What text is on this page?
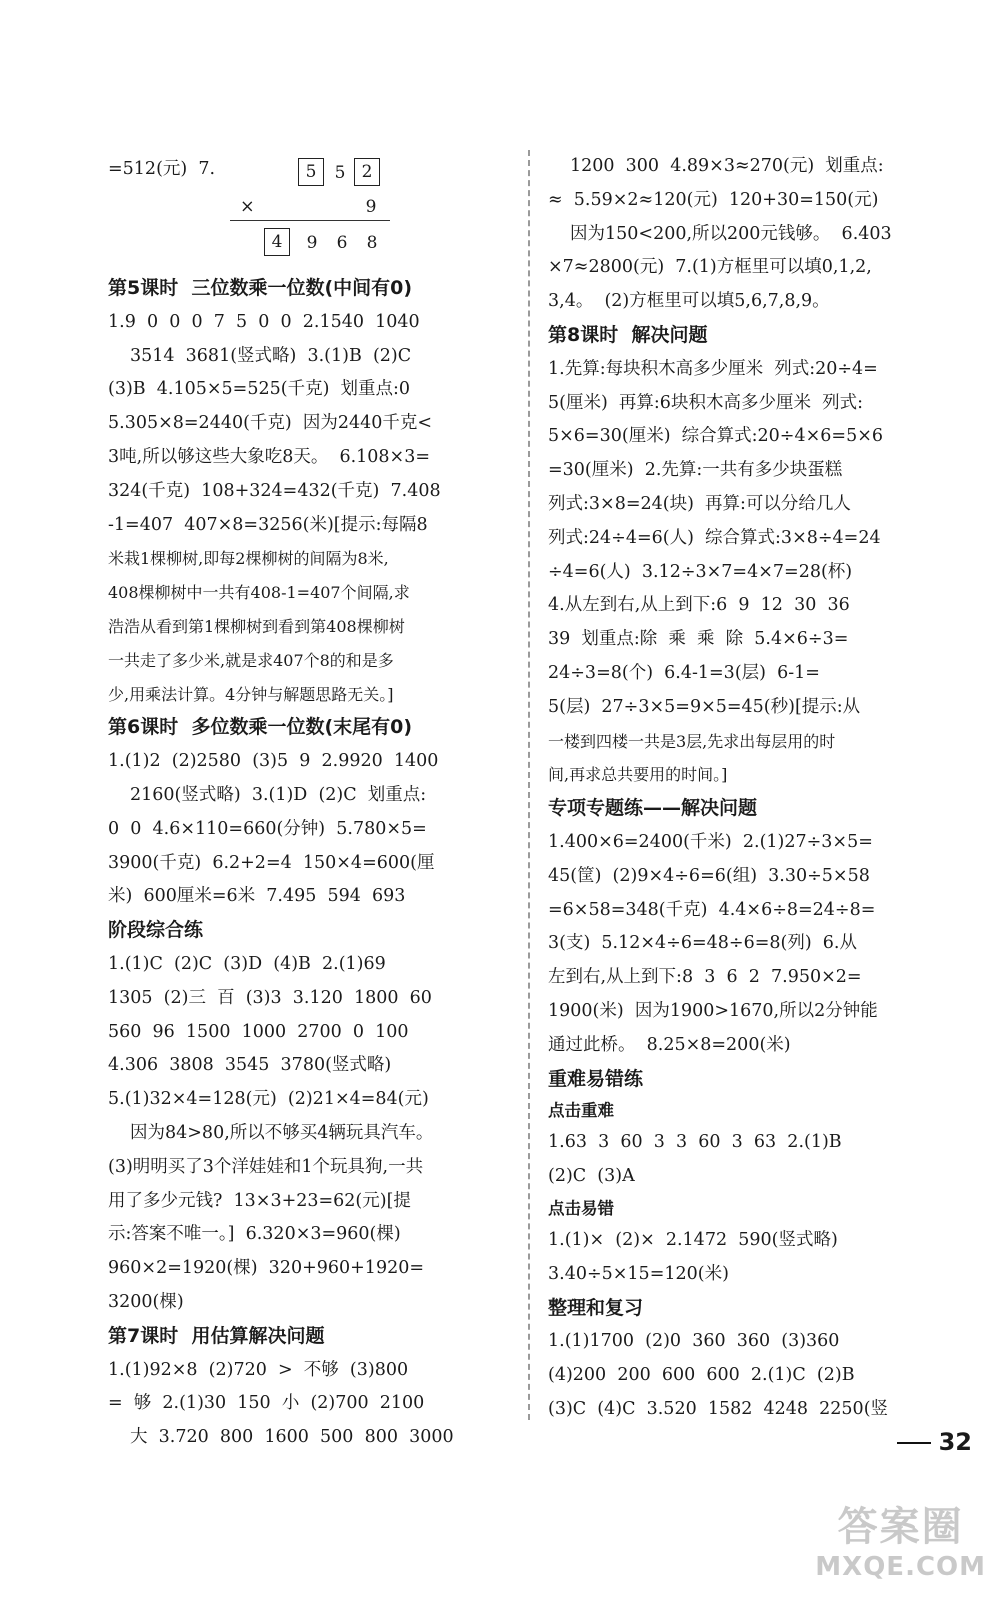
=512(元)  7.	5	5 2
×	9
4	9 6 8
第5课时  三位数乘一位数(中间有0)
1.9  0  0  0  7  5  0  0  2.1540  1040
3514  3681(竖式略)  3.(1)B  (2)C
(3)B  4.105×5=525(千克)  划重点:0
5.305×8=2440(千克)  因为2440千克<
3吨,所以够这些大象吃8天。  6.108×3=
324(千克)  108+324=432(千克)  7.408
-1=407  407×8=3256(米)[提示:每隔8
米栽1棵柳树,即每2棵柳树的间隔为8米,
408棵柳树中一共有408-1=407个间隔,求
浩浩从看到第1棵柳树到看到第408棵柳树
一共走了多少米,就是求407个8的和是多
少,用乘法计算。4分钟与解题思路无关。]
第6课时  多位数乘一位数(末尾有0)
1.(1)2  (2)2580  (3)5  9  2.9920  1400
2160(竖式略)  3.(1)D  (2)C  划重点:
0  0  4.6×110=660(分钟)  5.780×5=
3900(千克)  6.2+2=4  150×4=600(厘
米)  600厘米=6米  7.495  594  693
阶段综合练
1.(1)C  (2)C  (3)D  (4)B  2.(1)69
1305  (2)三  百  (3)3  3.120  1800  60
560  96  1500  1000  2700  0  100
4.306  3808  3545  3780(竖式略)
5.(1)32×4=128(元)  (2)21×4=84(元)
因为84>80,所以不够买4辆玩具汽车。
(3)明明买了3个洋娃娃和1个玩具狗,一共
用了多少元钱?  13×3+23=62(元)[提
示:答案不唯一。]  6.320×3=960(棵)
960×2=1920(棵)  320+960+1920=
3200(棵)
第7课时  用估算解决问题
1.(1)92×8  (2)720  >  不够  (3)800
=  够  2.(1)30  150  小  (2)700  2100
大  3.720  800  1600  500  800  3000
1200  300  4.89×3≈270(元)  划重点:
≈  5.59×2≈120(元)  120+30=150(元)
因为150<200,所以200元钱够。  6.403
×7≈2800(元)  7.(1)方框里可以填0,1,2,
3,4。  (2)方框里可以填5,6,7,8,9。
第8课时  解决问题
1.先算:每块积木高多少厘米  列式:20÷4=
5(厘米)  再算:6块积木高多少厘米  列式:
5×6=30(厘米)  综合算式:20÷4×6=5×6
=30(厘米)  2.先算:一共有多少块蛋糕
列式:3×8=24(块)  再算:可以分给几人
列式:24÷4=6(人)  综合算式:3×8÷4=24
÷4=6(人)  3.12÷3×7=4×7=28(杯)
4.从左到右,从上到下:6  9  12  30  36
39  划重点:除  乘  乘  除  5.4×6÷3=
24÷3=8(个)  6.4-1=3(层)  6-1=
5(层)  27÷3×5=9×5=45(秒)[提示:从
一楼到四楼一共是3层,先求出每层用的时
间,再求总共要用的时间。]
专项专题练——解决问题
1.400×6=2400(千米)  2.(1)27÷3×5=
45(筐)  (2)9×4÷6=6(组)  3.30÷5×58
=6×58=348(千克)  4.4×6÷8=24÷8=
3(支)  5.12×4÷6=48÷6=8(列)  6.从
左到右,从上到下:8  3  6  2  7.950×2=
1900(米)  因为1900>1670,所以2分钟能
通过此桥。  8.25×8=200(米)
重难易错练
点击重难
1.63  3  60  3  3  60  3  63  2.(1)B
(2)C  (3)A
点击易错
1.(1)×  (2)×  2.1472  590(竖式略)
3.40÷5×15=120(米)
整理和复习
1.(1)1700  (2)0  360  360  (3)360
(4)200  200  600  600  2.(1)C  (2)B
(3)C  (4)C  3.520  1582  4248  2250(竖
32
答案圈
MXQE.COM
